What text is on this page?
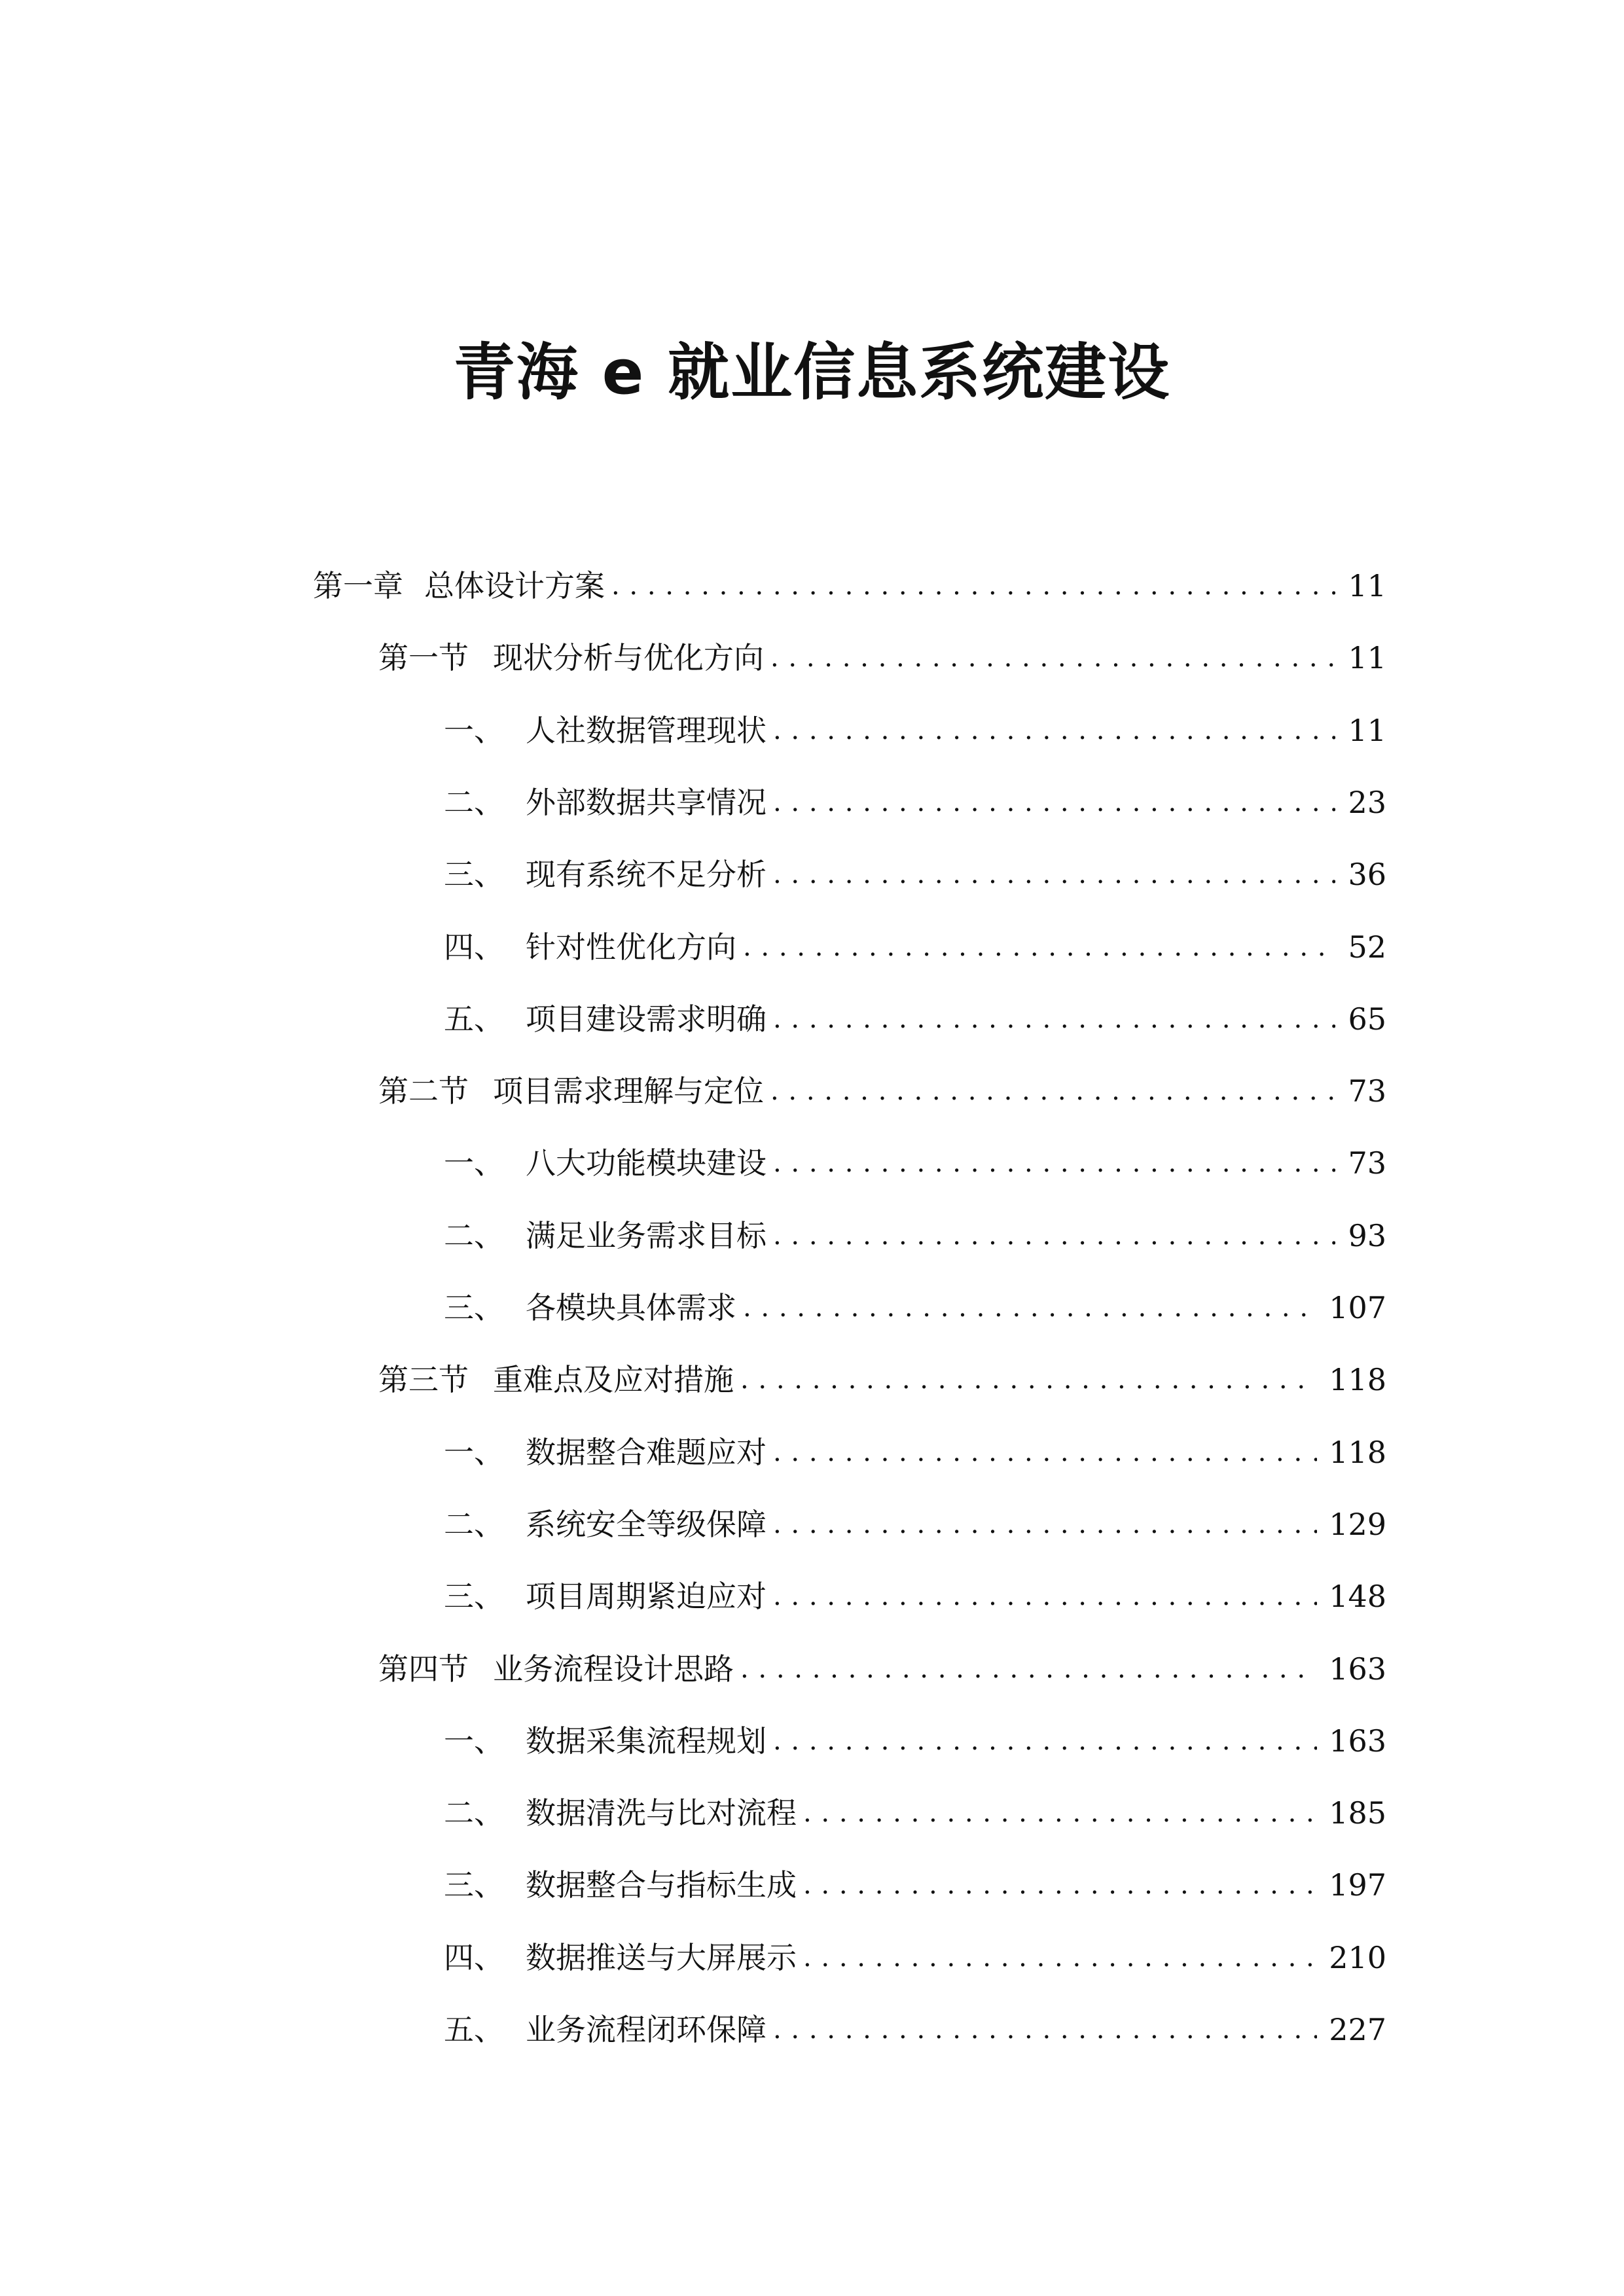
青海 e 就业信息系统建设
第一章 总体设计方案 . . .	11
第一节 现状分析与优化方向 . . .	11
一、 人社数据管理现状 . . .	11
二、 外部数据共享情况 . . .	23
三、 现有系统不足分析 . . .	36
四、 针对性优化方向 . . .	52
五、 项目建设需求明确 . . .	65
第二节 项目需求理解与定位 . . .	73
一、 八大功能模块建设 . . .	73
二、 满足业务需求目标 . . .	93
三、 各模块具体需求 . . .	107
第三节 重难点及应对措施 . . .	118
一、 数据整合难题应对 . . .	118
二、 系统安全等级保障 . . .	129
三、 项目周期紧迫应对 . . .	148
第四节 业务流程设计思路 . . .	163
一、 数据采集流程规划 . . .	163
二、 数据清洗与比对流程 . . .	185
三、 数据整合与指标生成 . . .	197
四、 数据推送与大屏展示 . . .	210
五、 业务流程闭环保障 . . .	227
